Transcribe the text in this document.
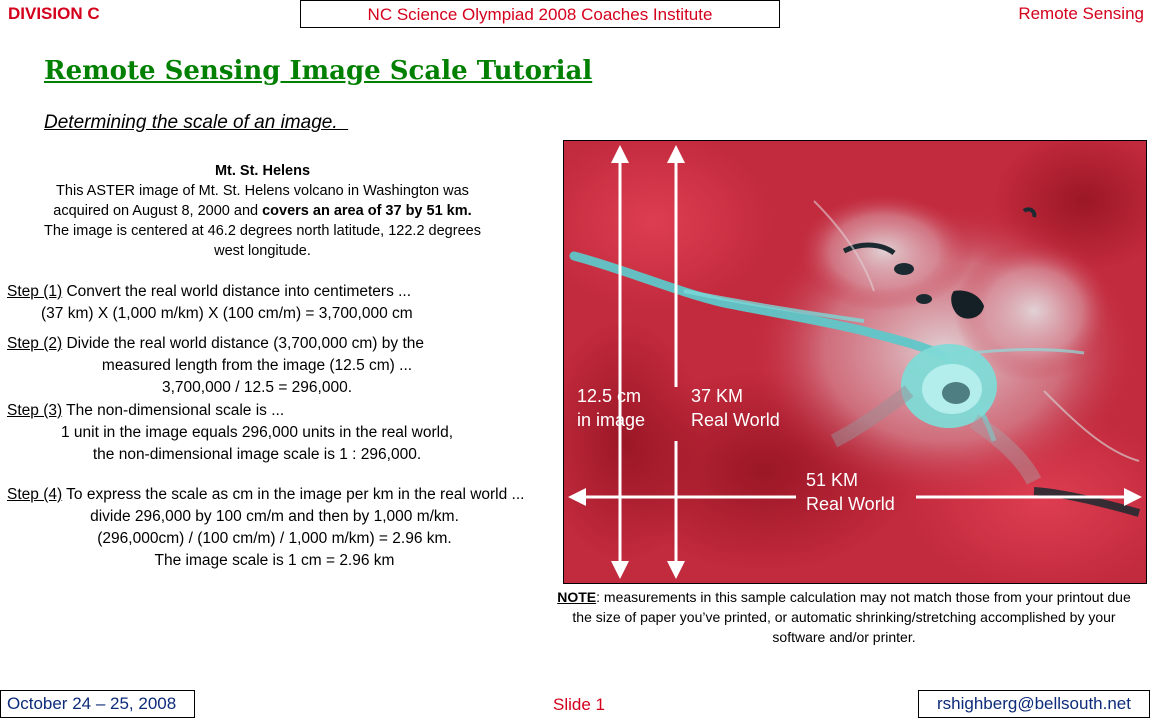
DIVISION C	NC Science Olympiad 2008 Coaches Institute	Remote Sensing
Remote Sensing Image Scale Tutorial
Determining the scale of an image.
Mt. St. Helens
This ASTER image of Mt. St. Helens volcano in Washington was acquired on August 8, 2000 and covers an area of 37 by 51 km. The image is centered at 46.2 degrees north latitude, 122.2 degrees west longitude.
Step (1) Convert the real world distance into centimeters ...
(37 km) X (1,000 m/km) X (100 cm/m) = 3,700,000 cm
Step (2) Divide the real world distance (3,700,000 cm) by the
measured length from the image (12.5 cm) ...
3,700,000 / 12.5 = 296,000.
Step (3) The non-dimensional scale is ...
1 unit in the image equals 296,000 units in the real world,
the non-dimensional image scale is 1 : 296,000.
Step (4) To express the scale as cm in the image per km in the real world ...
divide 296,000 by 100 cm/m and then by 1,000 m/km.
(296,000cm) / (100 cm/m) / 1,000 m/km) = 2.96 km.
The image scale is 1 cm = 2.96 km
12.5 cm
in image
37 KM
Real World
51 KM
Real World
NOTE: measurements in this sample calculation may not match those from your printout due the size of paper you’ve printed, or automatic shrinking/stretching accomplished by your software and/or printer.
October 24 – 25, 2008	Slide 1	rshighberg@bellsouth.net
